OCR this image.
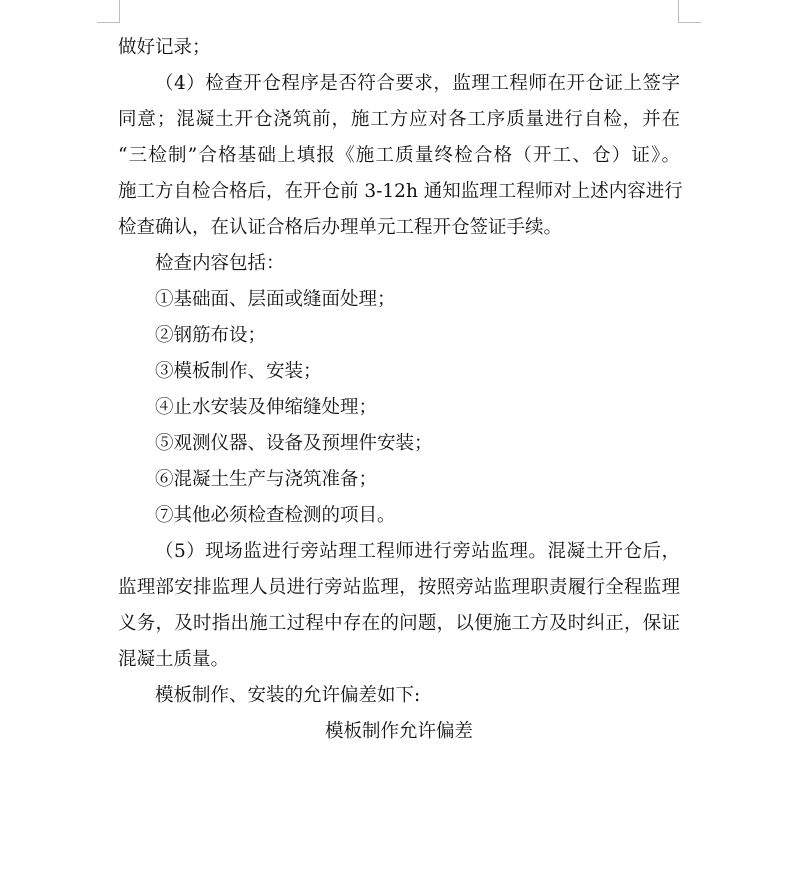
做好记录；

（4）检查开仓程序是否符合要求，监理工程师在开仓证上签字

同意；混凝土开仓浇筑前，施工方应对各工序质量进行自检，并在

“三检制”合格基础上填报《施工质量终检合格（开工、仓）证》。

施工方自检合格后，在开仓前 3-12h 通知监理工程师对上述内容进行

检查确认，在认证合格后办理单元工程开仓签证手续。

检查内容包括：

①基础面、层面或缝面处理；

②钢筋布设；

③模板制作、安装；

④止水安装及伸缩缝处理；

⑤观测仪器、设备及预埋件安装；

⑥混凝土生产与浇筑准备；

⑦其他必须检查检测的项目。

（5）现场监进行旁站理工程师进行旁站监理。混凝土开仓后，

监理部安排监理人员进行旁站监理，按照旁站监理职责履行全程监理

义务，及时指出施工过程中存在的问题，以便施工方及时纠正，保证

混凝土质量。

模板制作、安装的允许偏差如下:

模板制作允许偏差
